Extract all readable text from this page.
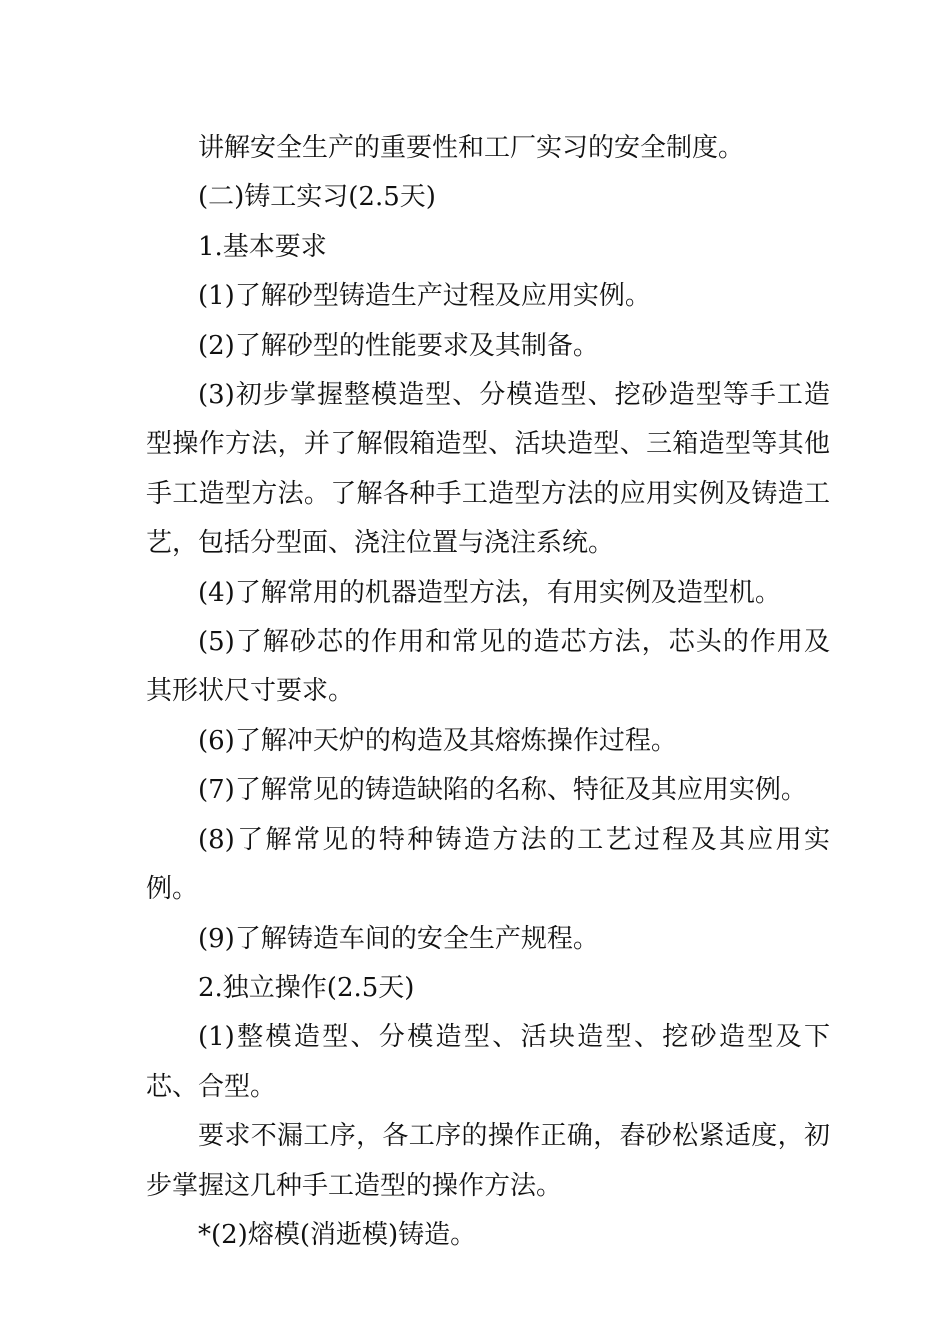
讲解安全生产的重要性和工厂实习的安全制度。

(二)铸工实习(2.5天)

1.基本要求

(1)了解砂型铸造生产过程及应用实例。

(2)了解砂型的性能要求及其制备。

(3)初步掌握整模造型、分模造型、挖砂造型等手工造型操作方法，并了解假箱造型、活块造型、三箱造型等其他手工造型方法。了解各种手工造型方法的应用实例及铸造工艺，包括分型面、浇注位置与浇注系统。

(4)了解常用的机器造型方法，有用实例及造型机。

(5)了解砂芯的作用和常见的造芯方法，芯头的作用及其形状尺寸要求。

(6)了解冲天炉的构造及其熔炼操作过程。

(7)了解常见的铸造缺陷的名称、特征及其应用实例。

(8)了解常见的特种铸造方法的工艺过程及其应用实例。

(9)了解铸造车间的安全生产规程。

2.独立操作(2.5天)

(1)整模造型、分模造型、活块造型、挖砂造型及下芯、合型。

要求不漏工序，各工序的操作正确，舂砂松紧适度，初步掌握这几种手工造型的操作方法。

*(2)熔模(消逝模)铸造。
